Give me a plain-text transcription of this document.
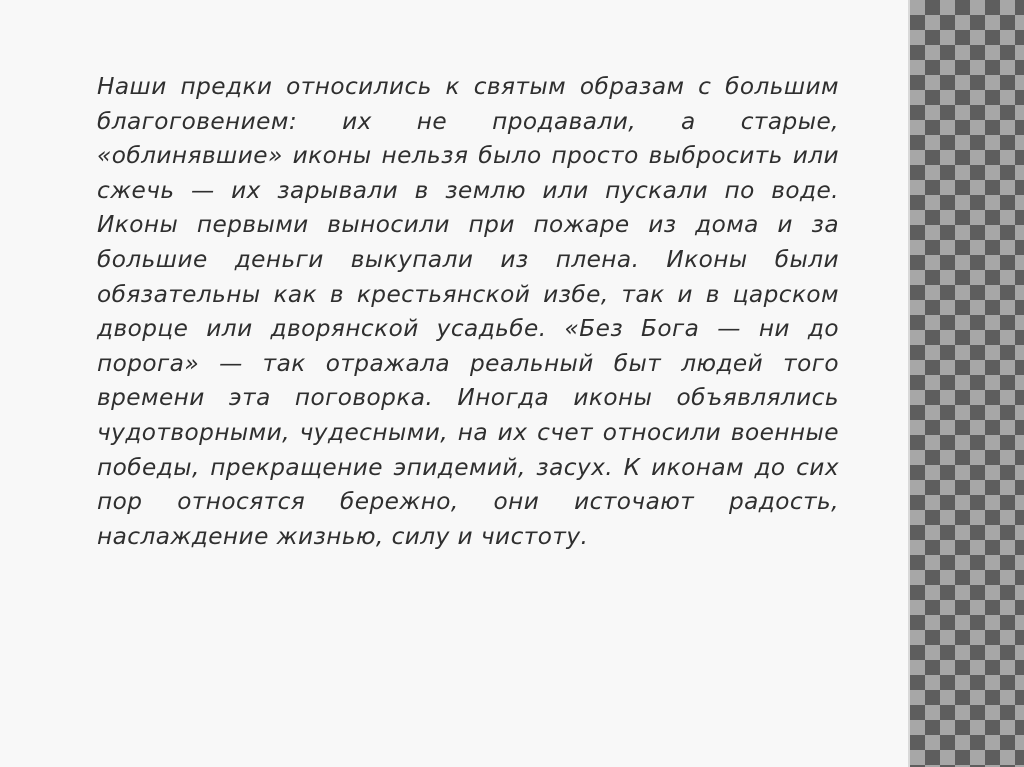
Наши предки относились к святым образам с большим благоговением: их не продавали, а старые, «облинявшие» иконы нельзя было просто выбросить или сжечь — их зарывали в землю или пускали по воде. Иконы первыми выносили при пожаре из дома и за большие деньги выкупали из плена. Иконы были обязательны как в крестьянской избе, так и в царском дворце или дворянской усадьбе. «Без Бога — ни до порога» — так отражала реальный быт людей того времени эта поговорка. Иногда иконы объявлялись чудотворными, чудесными, на их счет относили военные победы, прекращение эпидемий, засух. К иконам до сих пор относятся бережно, они источают радость, наслаждение жизнью, силу и чистоту.
